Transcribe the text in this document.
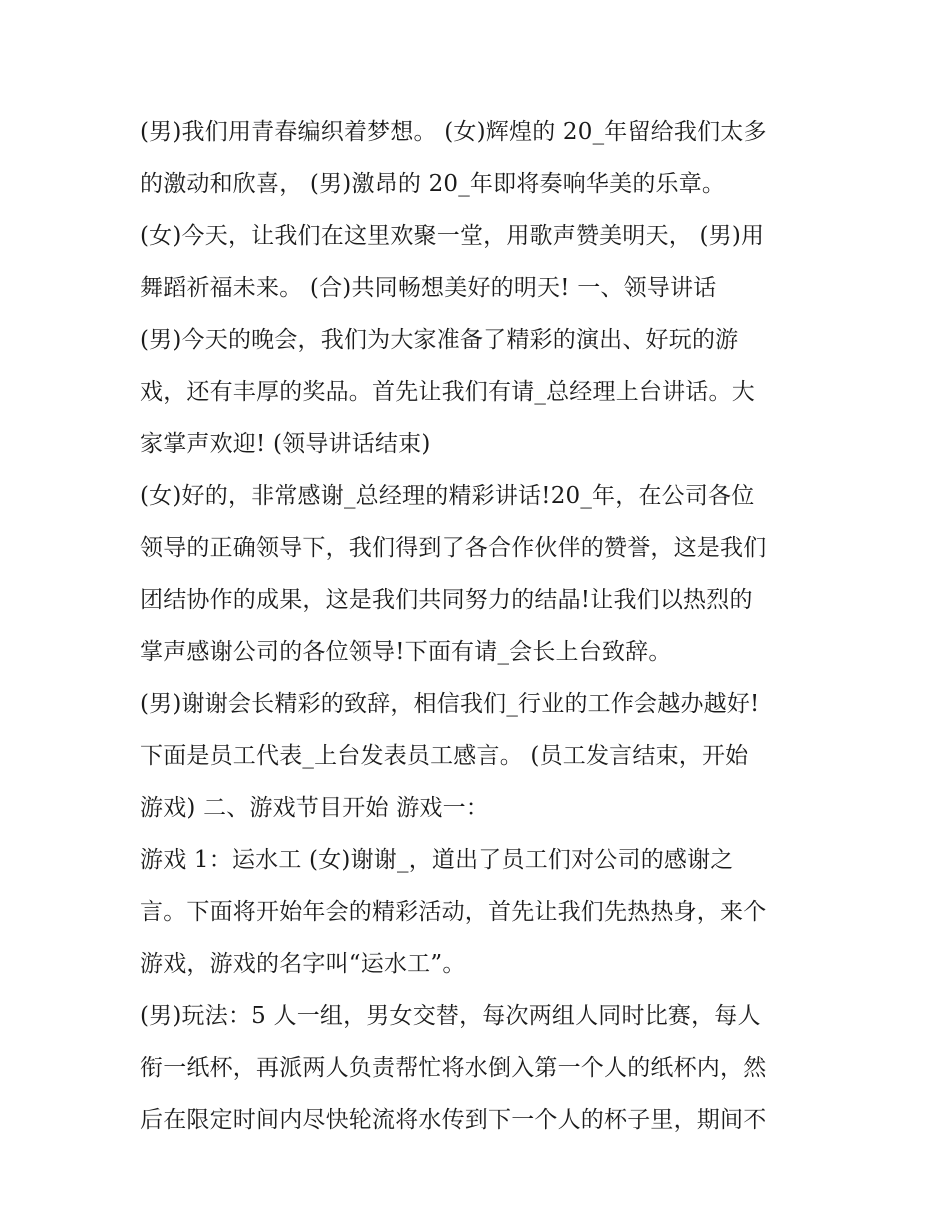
(男)我们用青春编织着梦想。 (女)辉煌的 20_年留给我们太多
的激动和欣喜， (男)激昂的 20_年即将奏响华美的乐章。
(女)今天，让我们在这里欢聚一堂，用歌声赞美明天， (男)用
舞蹈祈福未来。 (合)共同畅想美好的明天! 一、领导讲话
(男)今天的晚会，我们为大家准备了精彩的演出、好玩的游
戏，还有丰厚的奖品。首先让我们有请_总经理上台讲话。大
家掌声欢迎! (领导讲话结束)
(女)好的，非常感谢_总经理的精彩讲话!20_年，在公司各位
领导的正确领导下，我们得到了各合作伙伴的赞誉，这是我们
团结协作的成果，这是我们共同努力的结晶!让我们以热烈的
掌声感谢公司的各位领导!下面有请_会长上台致辞。
(男)谢谢会长精彩的致辞，相信我们_行业的工作会越办越好!
下面是员工代表_上台发表员工感言。 (员工发言结束，开始
游戏) 二、游戏节目开始 游戏一：
游戏 1：运水工 (女)谢谢_，道出了员工们对公司的感谢之
言。下面将开始年会的精彩活动，首先让我们先热热身，来个
游戏，游戏的名字叫“运水工”。
(男)玩法：5 人一组，男女交替，每次两组人同时比赛，每人
衔一纸杯，再派两人负责帮忙将水倒入第一个人的纸杯内，然
后在限定时间内尽快轮流将水传到下一个人的杯子里，期间不
